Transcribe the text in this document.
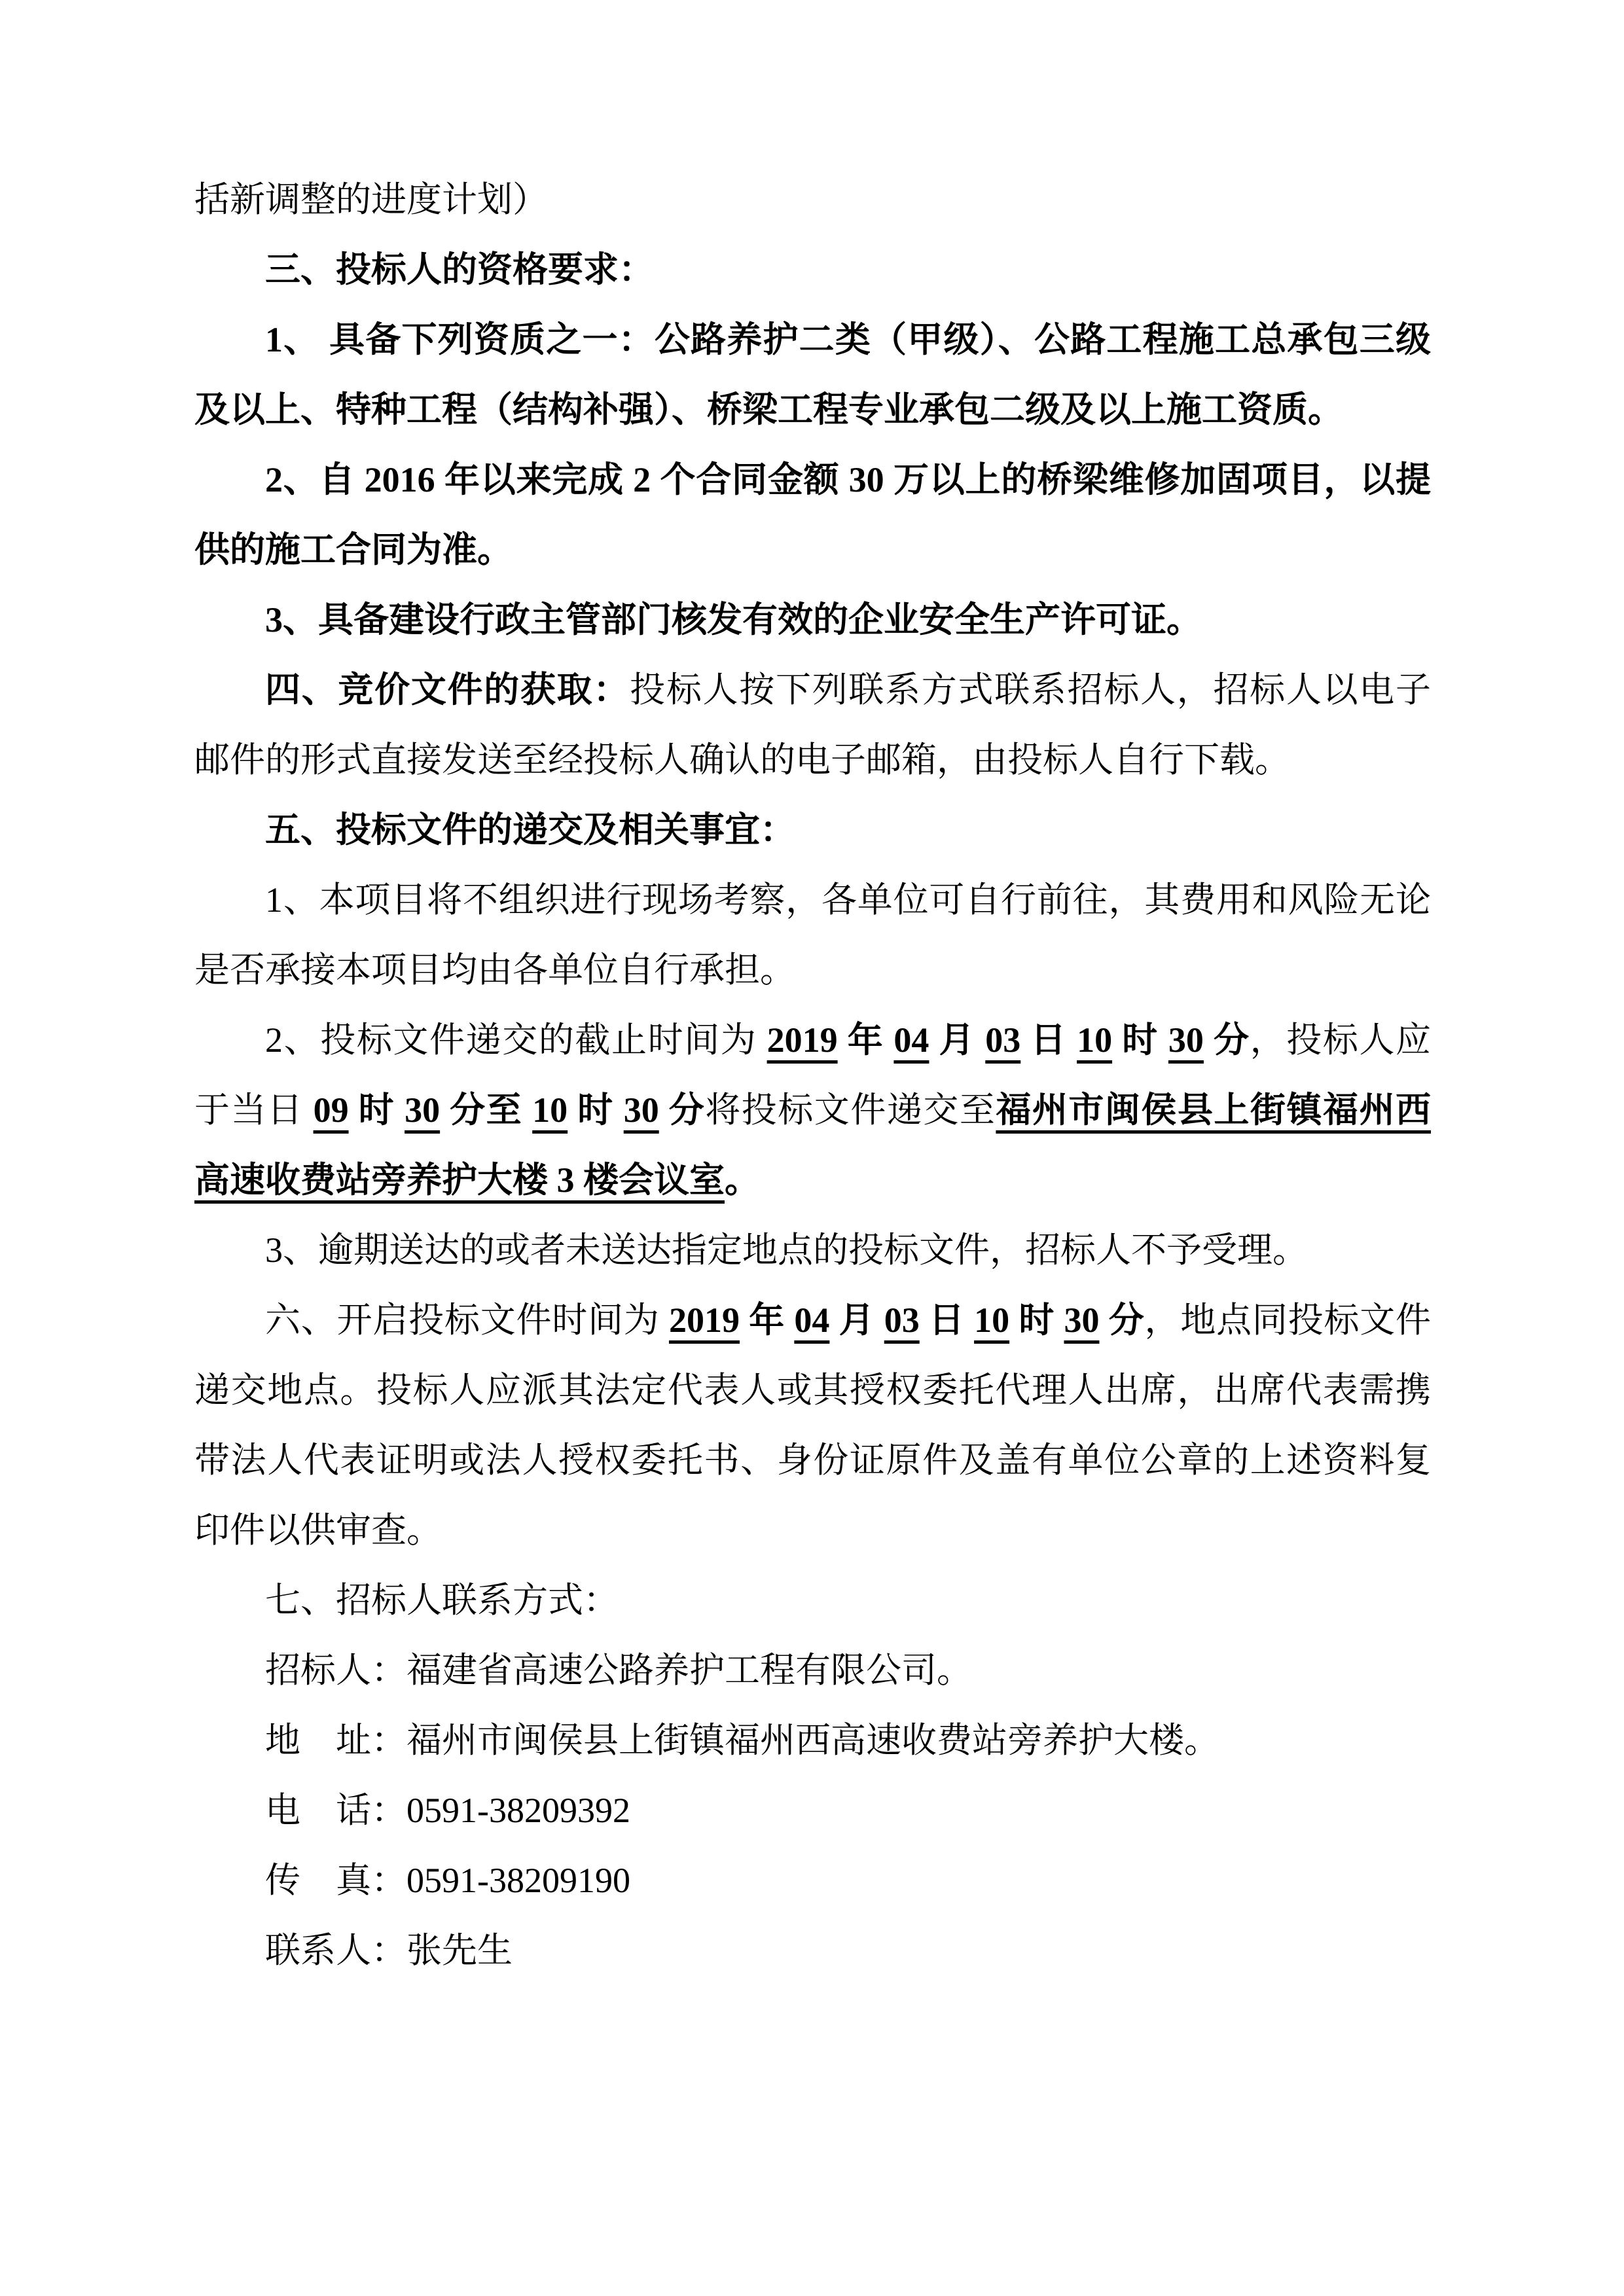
括新调整的进度计划）

三、投标人的资格要求：

1、 具备下列资质之一：公路养护二类（甲级）、公路工程施工总承包三级及以上、特种工程（结构补强）、桥梁工程专业承包二级及以上施工资质。

2、自 2016 年以来完成 2 个合同金额 30 万以上的桥梁维修加固项目，以提供的施工合同为准。

3、具备建设行政主管部门核发有效的企业安全生产许可证。

四、竞价文件的获取：投标人按下列联系方式联系招标人，招标人以电子邮件的形式直接发送至经投标人确认的电子邮箱，由投标人自行下载。

五、投标文件的递交及相关事宜：

1、本项目将不组织进行现场考察，各单位可自行前往，其费用和风险无论是否承接本项目均由各单位自行承担。

2、投标文件递交的截止时间为 2019 年 04 月 03 日 10 时 30 分，投标人应于当日 09 时 30 分至 10 时 30 分将投标文件递交至福州市闽侯县上街镇福州西高速收费站旁养护大楼 3 楼会议室。

3、逾期送达的或者未送达指定地点的投标文件，招标人不予受理。

六、开启投标文件时间为 2019 年 04 月 03 日 10 时 30 分，地点同投标文件递交地点。投标人应派其法定代表人或其授权委托代理人出席，出席代表需携带法人代表证明或法人授权委托书、身份证原件及盖有单位公章的上述资料复印件以供审查。

七、招标人联系方式：

招标人：福建省高速公路养护工程有限公司。

地　址：福州市闽侯县上街镇福州西高速收费站旁养护大楼。

电　话：0591-38209392

传　真：0591-38209190

联系人：张先生
